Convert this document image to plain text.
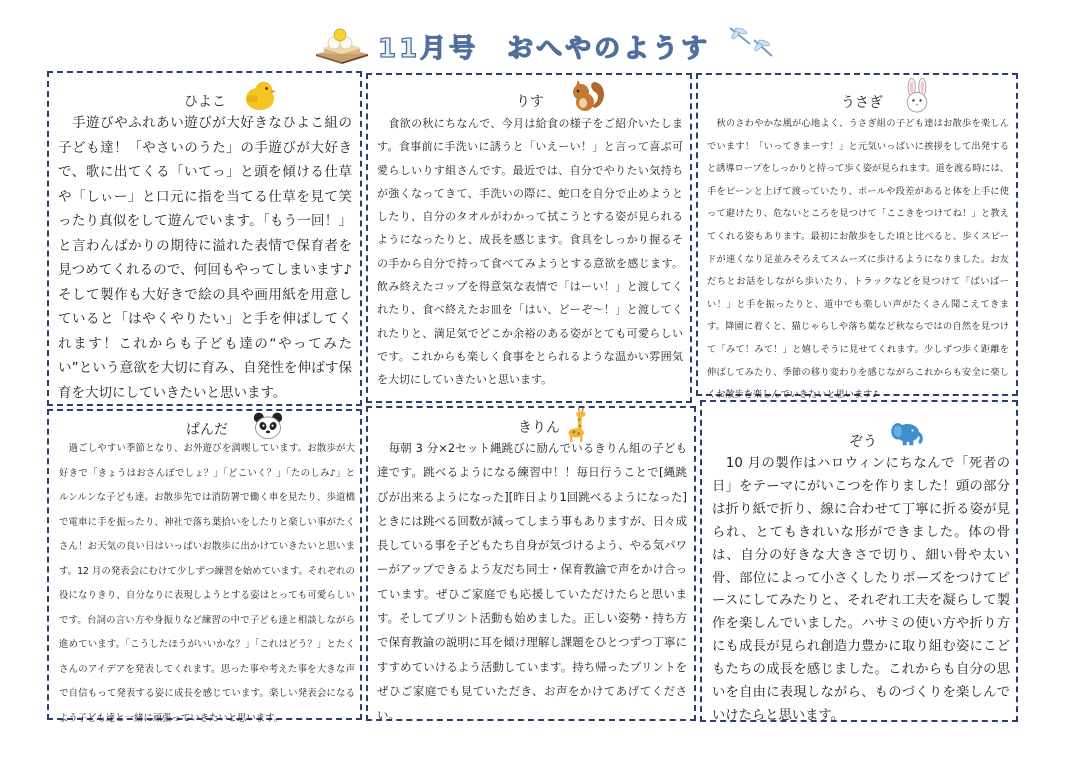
11月号　おへやのようす
ひよこ
　手遊びやふれあい遊びが大好きなひよこ組の子ども達！「やさいのうた」の手遊びが大好きで、歌に出てくる「いてっ」と頭を傾ける仕草や「しぃー」と口元に指を当てる仕草を見て笑ったり真似をして遊んでいます。「もう一回！」と言わんばかりの期待に溢れた表情で保育者を見つめてくれるので、何回もやってしまいます♪そして製作も大好きで絵の具や画用紙を用意していると「はやくやりたい」と手を伸ばしてくれます！これからも子ども達の“やってみたい”という意欲を大切に育み、自発性を伸ばす保育を大切にしていきたいと思います。
りす
　食欲の秋にちなんで、今月は給食の様子をご紹介いたします。食事前に手洗いに誘うと「いえーい！」と言って喜ぶ可愛らしいりす組さんです。最近では、自分でやりたい気持ちが強くなってきて、手洗いの際に、蛇口を自分で止めようとしたり、自分のタオルがわかって拭こうとする姿が見られるようになったりと、成長を感じます。食具をしっかり握るその手から自分で持って食べてみようとする意欲を感じます。飲み終えたコップを得意気な表情で「はーい！」と渡してくれたり、食べ終えたお皿を「はい、どーぞ～！」と渡してくれたりと、満足気でどこか余裕のある姿がとても可愛らしいです。これからも楽しく食事をとられるような温かい雰囲気を大切にしていきたいと思います。
うさぎ
　秋のさわやかな風が心地よく、うさぎ組の子ども達はお散歩を楽しんでいます！「いってきまーす！」と元気いっぱいに挨拶をして出発すると誘導ロープをしっかりと持って歩く姿が見られます。道を渡る時には、手をピーンと上げて渡っていたり、ポールや段差があると体を上手に使って避けたり、危ないところを見つけて「ここきをつけてね！」と教えてくれる姿もあります。最初にお散歩をした頃と比べると、歩くスピードが速くなり足並みそろえてスムーズに歩けるようになりました。お友だちとお話をしながら歩いたり、トラックなどを見つけて「ばいばーい！」と手を振ったりと、道中でも楽しい声がたくさん聞こえてきます。降園に着くと、猫じゃらしや落ち葉など秋ならではの自然を見つけて「みて！みて！」と嬉しそうに見せてくれます。少しずつ歩く距離を伸ばしてみたり、季節の移り変わりを感じながらこれからも安全に楽しくお散歩を楽しんでいきたいと思います♪
ぱんだ
　過ごしやすい季節となり、お外遊びを満喫しています。お散歩が大好きで「きょうはおさんぽでしょ？」「どこいく？」「たのしみ♪」とルンルンな子ども達。お散歩先では消防署で働く車を見たり、歩道橋で電車に手を振ったり、神社で落ち葉拾いをしたりと楽しい事がたくさん！お天気の良い日はいっぱいお散歩に出かけていきたいと思います。12 月の発表会にむけて少しずつ練習を始めています。それぞれの役になりきり、自分なりに表現しようとする姿はとっても可愛らしいです。台詞の言い方や身振りなど練習の中で子ども達と相談しながら進めています。「こうしたほうがいいかな？」「これはどう？」とたくさんのアイデアを発表してくれます。思った事や考えた事を大きな声で自信もって発表する姿に成長を感じています。楽しい発表会になるよう子ども達と一緒に頑張っていきたいと思います。
きりん
　毎朝 3 分×2セット縄跳びに励んでいるきりん組の子ども達です。跳べるようになる練習中！！毎日行うことで[縄跳びが出来るようになった][昨日より1回跳べるようになった]ときには跳べる回数が減ってしまう事もありますが、日々成長している事を子どもたち自身が気づけるよう、やる気パワーがアップできるよう友だち同士・保育教諭で声をかけ合っています。ぜひご家庭でも応援していただけたらと思います。そしてプリント活動も始めました。正しい姿勢・持ち方で保育教諭の説明に耳を傾け理解し課題をひとつずつ丁寧にすすめていけるよう活動しています。持ち帰ったプリントをぜひご家庭でも見ていただき、お声をかけてあげてください。
ぞう
　10 月の製作はハロウィンにちなんで「死者の日」をテーマにがいこつを作りました！頭の部分は折り紙で折り、線に合わせて丁寧に折る姿が見られ、とてもきれいな形ができました。体の骨は、自分の好きな大きさで切り、細い骨や太い骨、部位によって小さくしたりポーズをつけてピースにしてみたりと、それぞれ工夫を凝らして製作を楽しんでいました。ハサミの使い方や折り方にも成長が見られ創造力豊かに取り組む姿にこどもたちの成長を感じました。これからも自分の思いを自由に表現しながら、ものづくりを楽しんでいけたらと思います。
